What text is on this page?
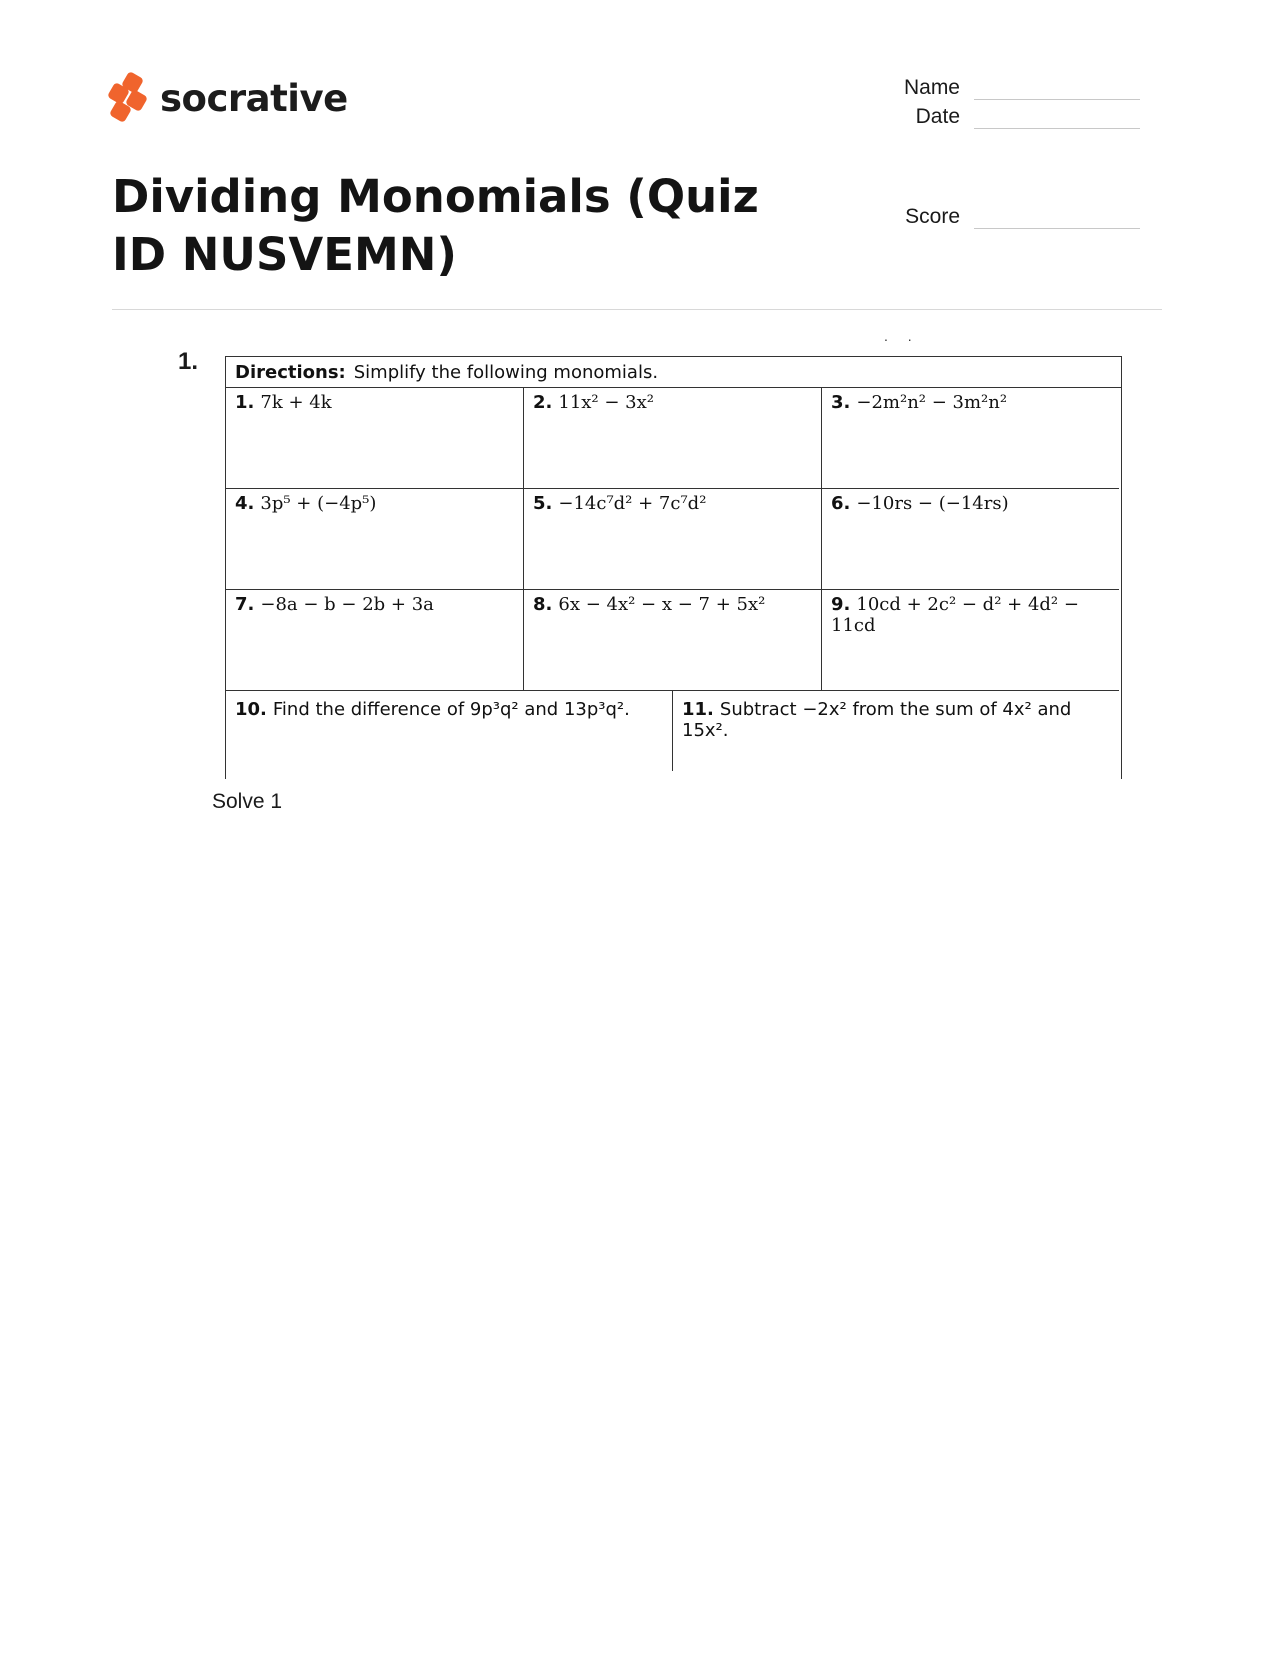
socrative	Name
Date
Score
Dividing Monomials (Quiz ID NUSVEMN)
1.
. .
Directions: Simplify the following monomials.
1. 7k + 4k	2. 11x² − 3x²	3. −2m²n² − 3m²n²
4. 3p⁵ + (−4p⁵)	5. −14c⁷d² + 7c⁷d²	6. −10rs − (−14rs)
7. −8a − b − 2b + 3a	8. 6x − 4x² − x − 7 + 5x²	9. 10cd + 2c² − d² + 4d² − 11cd
10. Find the difference of 9p³q² and 13p³q².	11. Subtract −2x² from the sum of 4x² and 15x².
Solve 1
